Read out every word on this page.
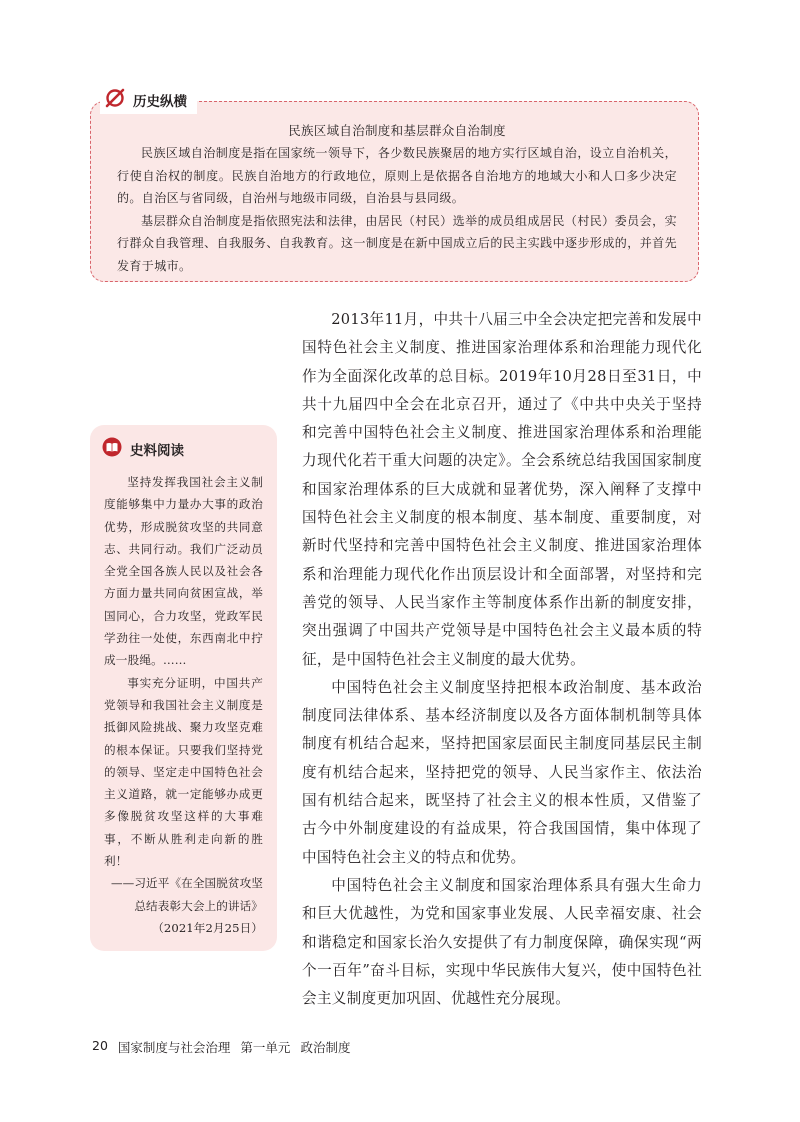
历史纵横

民族区域自治制度和基层群众自治制度

民族区域自治制度是指在国家统一领导下，各少数民族聚居的地方实行区域自治，设立自治机关，行使自治权的制度。民族自治地方的行政地位，原则上是依据各自治地方的地域大小和人口多少决定的。自治区与省同级，自治州与地级市同级，自治县与县同级。

基层群众自治制度是指依照宪法和法律，由居民（村民）选举的成员组成居民（村民）委员会，实行群众自我管理、自我服务、自我教育。这一制度是在新中国成立后的民主实践中逐步形成的，并首先发育于城市。

史料阅读

坚持发挥我国社会主义制度能够集中力量办大事的政治优势，形成脱贫攻坚的共同意志、共同行动。我们广泛动员全党全国各族人民以及社会各方面力量共同向贫困宣战，举国同心，合力攻坚，党政军民学劲往一处使，东西南北中拧成一股绳。……

事实充分证明，中国共产党领导和我国社会主义制度是抵御风险挑战、聚力攻坚克难的根本保证。只要我们坚持党的领导、坚定走中国特色社会主义道路，就一定能够办成更多像脱贫攻坚这样的大事难事，不断从胜利走向新的胜利！

——习近平《在全国脱贫攻坚总结表彰大会上的讲话》（2021年2月25日）

2013年11月，中共十八届三中全会决定把完善和发展中国特色社会主义制度、推进国家治理体系和治理能力现代化作为全面深化改革的总目标。2019年10月28日至31日，中共十九届四中全会在北京召开，通过了《中共中央关于坚持和完善中国特色社会主义制度、推进国家治理体系和治理能力现代化若干重大问题的决定》。全会系统总结我国国家制度和国家治理体系的巨大成就和显著优势，深入阐释了支撑中国特色社会主义制度的根本制度、基本制度、重要制度，对新时代坚持和完善中国特色社会主义制度、推进国家治理体系和治理能力现代化作出顶层设计和全面部署，对坚持和完善党的领导、人民当家作主等制度体系作出新的制度安排，突出强调了中国共产党领导是中国特色社会主义最本质的特征，是中国特色社会主义制度的最大优势。

中国特色社会主义制度坚持把根本政治制度、基本政治制度同法律体系、基本经济制度以及各方面体制机制等具体制度有机结合起来，坚持把国家层面民主制度同基层民主制度有机结合起来，坚持把党的领导、人民当家作主、依法治国有机结合起来，既坚持了社会主义的根本性质，又借鉴了古今中外制度建设的有益成果，符合我国国情，集中体现了中国特色社会主义的特点和优势。

中国特色社会主义制度和国家治理体系具有强大生命力和巨大优越性，为党和国家事业发展、人民幸福安康、社会和谐稳定和国家长治久安提供了有力制度保障，确保实现“两个一百年”奋斗目标，实现中华民族伟大复兴，使中国特色社会主义制度更加巩固、优越性充分展现。

20 国家制度与社会治理 第一单元 政治制度
